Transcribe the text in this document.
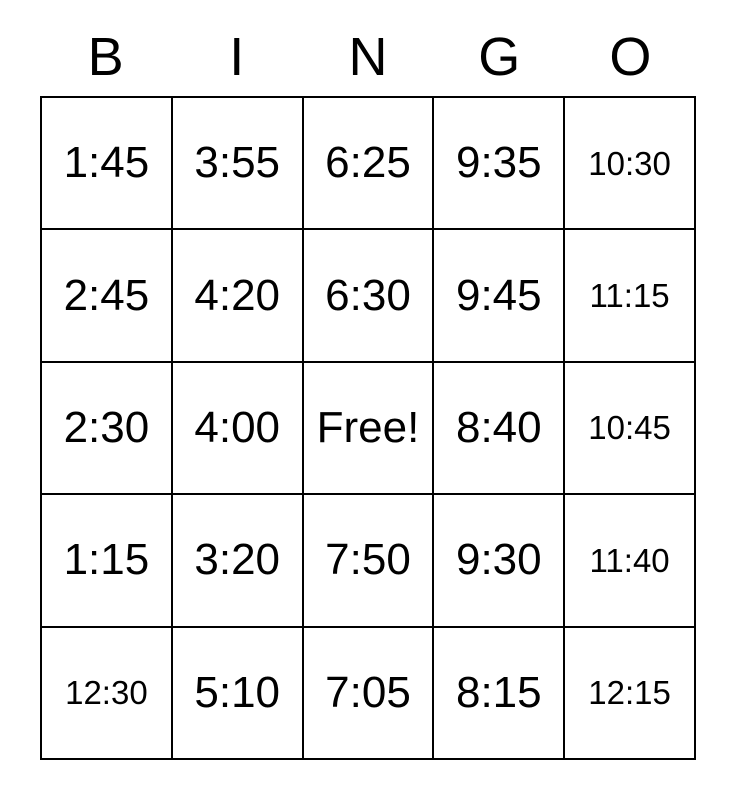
B	I	N	G	O
1:45 3:55 6:25 9:35 10:30
2:45 4:20 6:30 9:45 11:15
2:30 4:00 Free! 8:40 10:45
1:15 3:20 7:50 9:30 11:40
12:30 5:10 7:05 8:15 12:15
